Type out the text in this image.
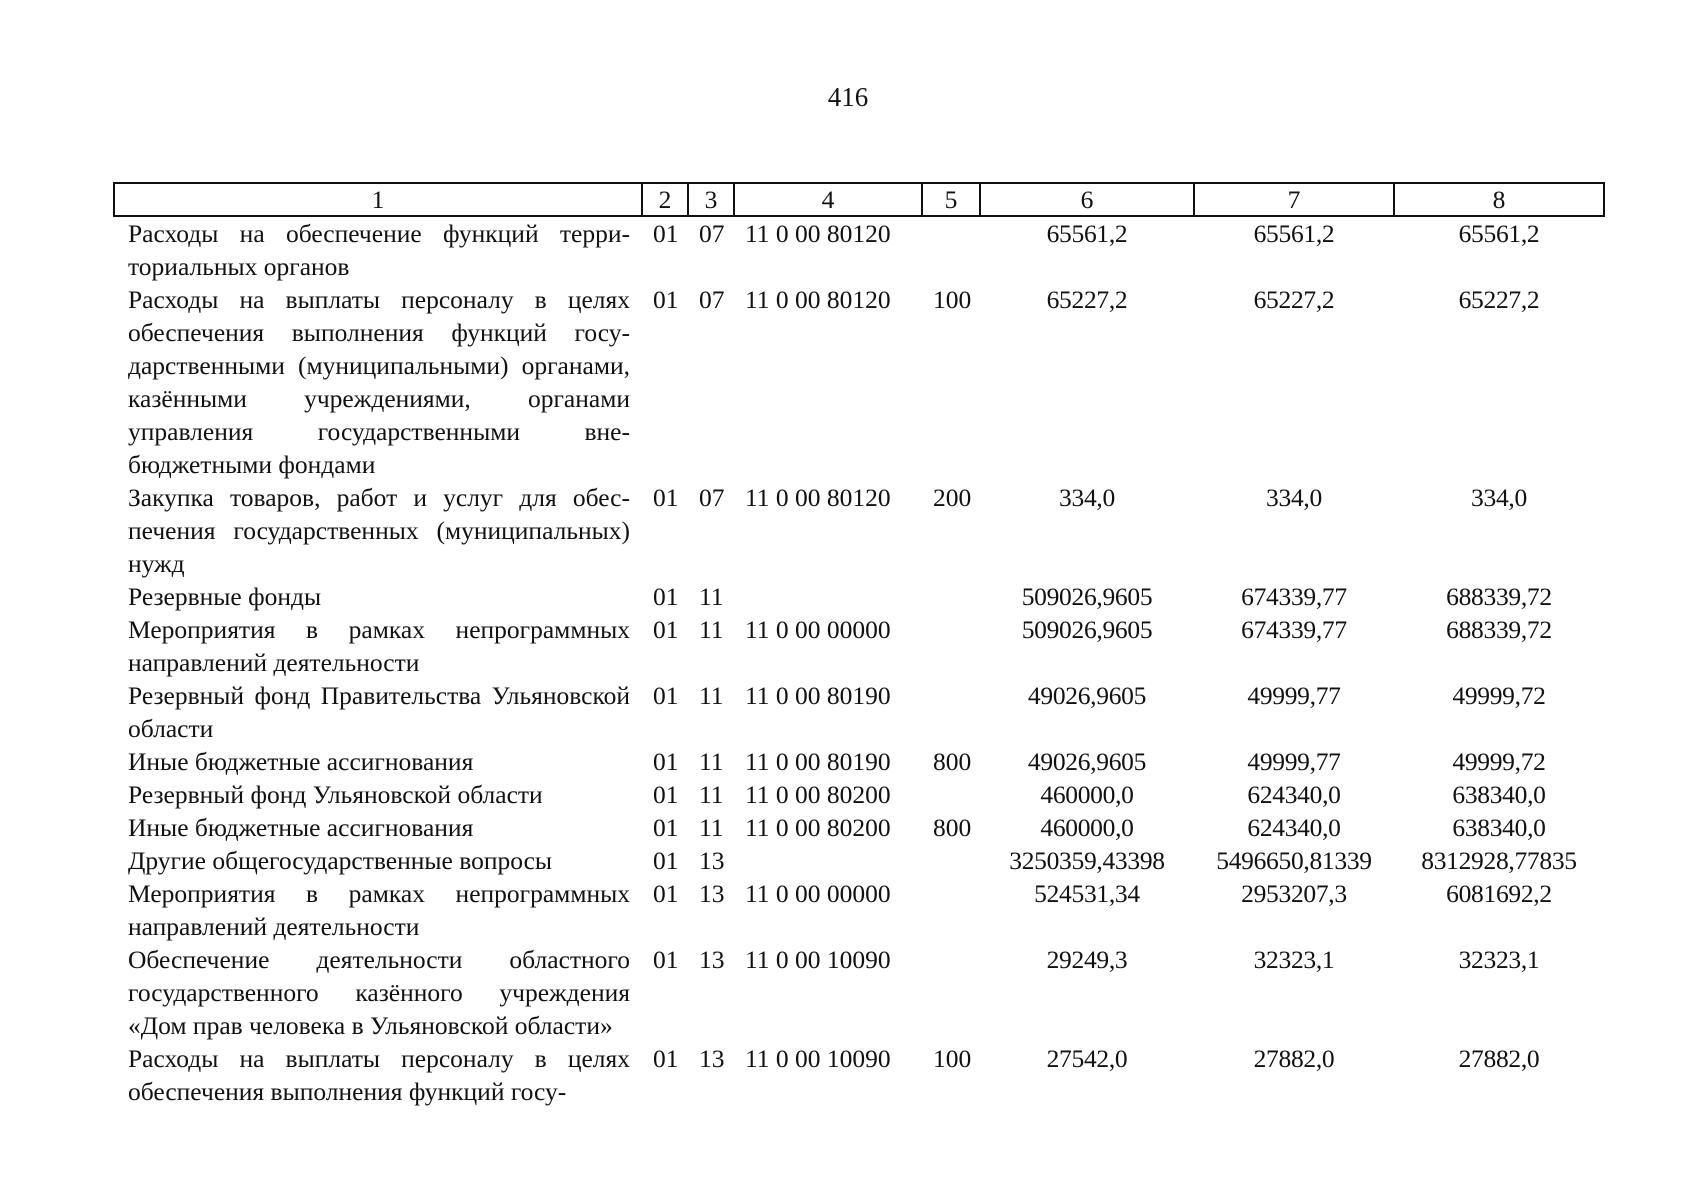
416
1	2	3	4	5	6	7	8
Расходы на обеспечение функций территориальных органов	01	07	11 0 00 80120		65561,2	65561,2	65561,2
Расходы на выплаты персоналу в целях обеспечения выполнения функций государственными (муниципальными) органами, казёнными учреждениями, органами управления государственными внебюджетными фондами	01	07	11 0 00 80120	100	65227,2	65227,2	65227,2
Закупка товаров, работ и услуг для обеспечения государственных (муниципальных) нужд	01	07	11 0 00 80120	200	334,0	334,0	334,0
Резервные фонды	01	11			509026,9605	674339,77	688339,72
Мероприятия в рамках непрограммных направлений деятельности	01	11	11 0 00 00000		509026,9605	674339,77	688339,72
Резервный фонд Правительства Ульяновской области	01	11	11 0 00 80190		49026,9605	49999,77	49999,72
Иные бюджетные ассигнования	01	11	11 0 00 80190	800	49026,9605	49999,77	49999,72
Резервный фонд Ульяновской области	01	11	11 0 00 80200		460000,0	624340,0	638340,0
Иные бюджетные ассигнования	01	11	11 0 00 80200	800	460000,0	624340,0	638340,0
Другие общегосударственные вопросы	01	13			3250359,43398	5496650,81339	8312928,77835
Мероприятия в рамках непрограммных направлений деятельности	01	13	11 0 00 00000		524531,34	2953207,3	6081692,2
Обеспечение деятельности областного государственного казённого учреждения «Дом прав человека в Ульяновской области»	01	13	11 0 00 10090		29249,3	32323,1	32323,1
Расходы на выплаты персоналу в целях обеспечения выполнения функций госу-	01	13	11 0 00 10090	100	27542,0	27882,0	27882,0
